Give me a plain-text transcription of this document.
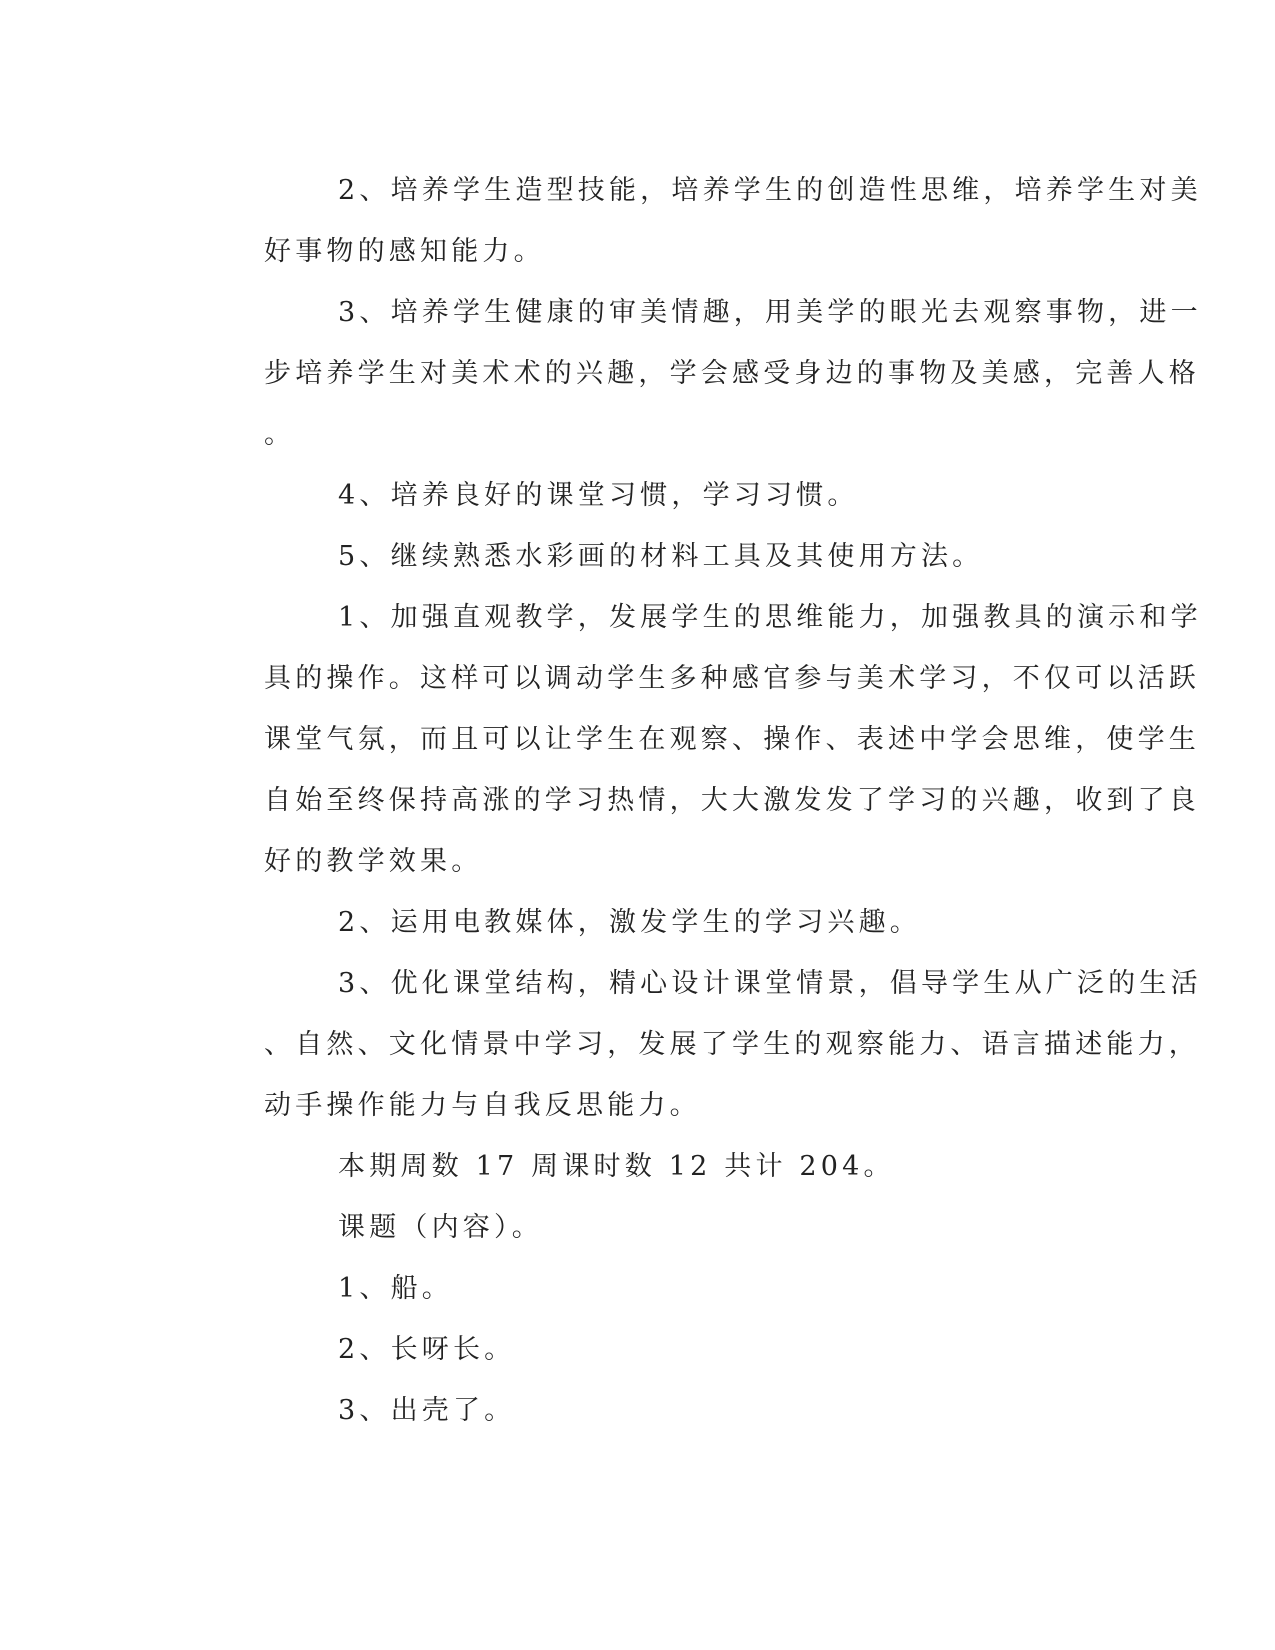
2、培养学生造型技能，培养学生的创造性思维，培养学生对美
好事物的感知能力。
3、培养学生健康的审美情趣，用美学的眼光去观察事物，进一
步培养学生对美术术的兴趣，学会感受身边的事物及美感，完善人格
。
4、培养良好的课堂习惯，学习习惯。
5、继续熟悉水彩画的材料工具及其使用方法。
1、加强直观教学，发展学生的思维能力，加强教具的演示和学
具的操作。这样可以调动学生多种感官参与美术学习，不仅可以活跃
课堂气氛，而且可以让学生在观察、操作、表述中学会思维，使学生
自始至终保持高涨的学习热情，大大激发发了学习的兴趣，收到了良
好的教学效果。
2、运用电教媒体，激发学生的学习兴趣。
3、优化课堂结构，精心设计课堂情景，倡导学生从广泛的生活
、自然、文化情景中学习，发展了学生的观察能力、语言描述能力，
动手操作能力与自我反思能力。
本期周数 17 周课时数 12 共计 204。
课题（内容）。
1、船。
2、长呀长。
3、出壳了。
